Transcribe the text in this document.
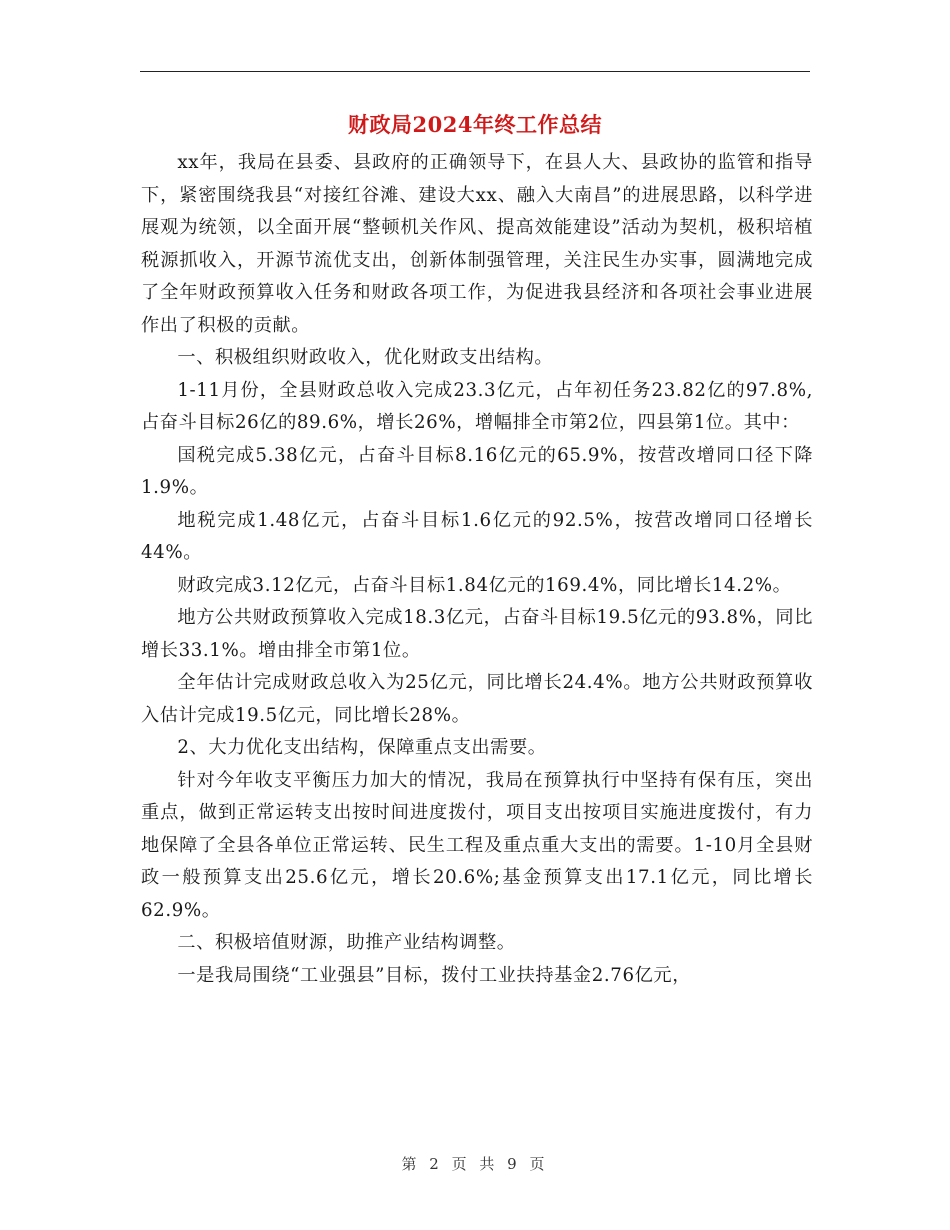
财政局2024年终工作总结

xx年，我局在县委、县政府的正确领导下，在县人大、县政协的监管和指导下，紧密围绕我县“对接红谷滩、建设大xx、融入大南昌”的进展思路，以科学进展观为统领，以全面开展“整顿机关作风、提高效能建设”活动为契机，极积培植税源抓收入，开源节流优支出，创新体制强管理，关注民生办实事，圆满地完成了全年财政预算收入任务和财政各项工作，为促进我县经济和各项社会事业进展作出了积极的贡献。

一、积极组织财政收入，优化财政支出结构。

1-11月份，全县财政总收入完成23.3亿元，占年初任务23.82亿的97.8%,占奋斗目标26亿的89.6%，增长26%，增幅排全市第2位，四县第1位。其中：

国税完成5.38亿元，占奋斗目标8.16亿元的65.9%，按营改增同口径下降1.9%。

地税完成1.48亿元，占奋斗目标1.6亿元的92.5%，按营改增同口径增长44%。

财政完成3.12亿元，占奋斗目标1.84亿元的169.4%，同比增长14.2%。

地方公共财政预算收入完成18.3亿元，占奋斗目标19.5亿元的93.8%，同比增长33.1%。增由排全市第1位。

全年估计完成财政总收入为25亿元，同比增长24.4%。地方公共财政预算收入估计完成19.5亿元，同比增长28%。

2、大力优化支出结构，保障重点支出需要。

针对今年收支平衡压力加大的情况，我局在预算执行中坚持有保有压，突出重点，做到正常运转支出按时间进度拨付，项目支出按项目实施进度拨付，有力地保障了全县各单位正常运转、民生工程及重点重大支出的需要。1-10月全县财政一般预算支出25.6亿元，增长20.6%;基金预算支出17.1亿元，同比增长62.9%。

二、积极培值财源，助推产业结构调整。

一是我局围绕“工业强县”目标，拨付工业扶持基金2.76亿元，

第 2 页 共 9 页
